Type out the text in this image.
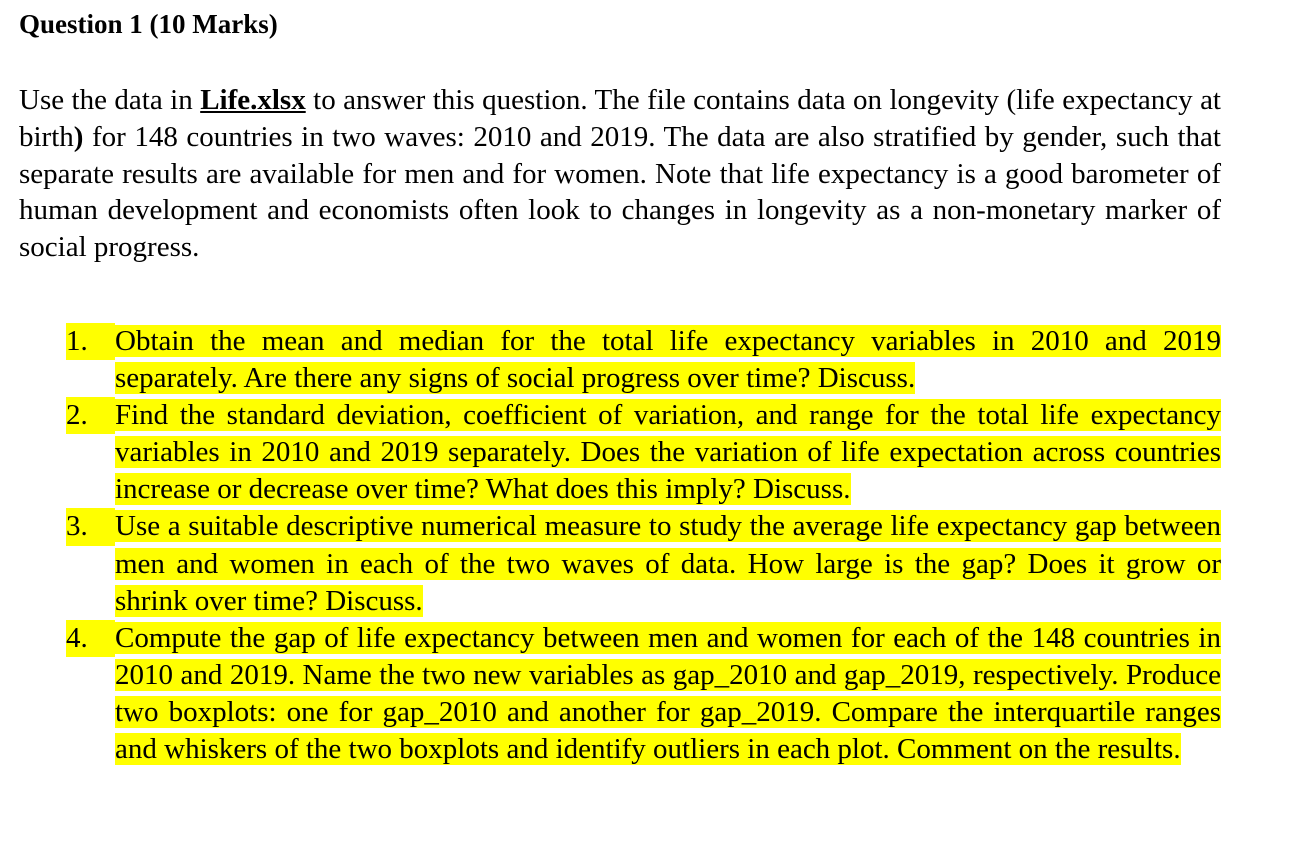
Question 1 (10 Marks)

Use the data in Life.xlsx to answer this question. The file contains data on longevity (life expectancy at birth) for 148 countries in two waves: 2010 and 2019. The data are also stratified by gender, such that separate results are available for men and for women. Note that life expectancy is a good barometer of human development and economists often look to changes in longevity as a non-monetary marker of social progress.

1. Obtain the mean and median for the total life expectancy variables in 2010 and 2019 separately. Are there any signs of social progress over time? Discuss.
2. Find the standard deviation, coefficient of variation, and range for the total life expectancy variables in 2010 and 2019 separately. Does the variation of life expectation across countries increase or decrease over time? What does this imply? Discuss.
3. Use a suitable descriptive numerical measure to study the average life expectancy gap between men and women in each of the two waves of data. How large is the gap? Does it grow or shrink over time? Discuss.
4. Compute the gap of life expectancy between men and women for each of the 148 countries in 2010 and 2019. Name the two new variables as gap_2010 and gap_2019, respectively. Produce two boxplots: one for gap_2010 and another for gap_2019. Compare the interquartile ranges and whiskers of the two boxplots and identify outliers in each plot. Comment on the results.
